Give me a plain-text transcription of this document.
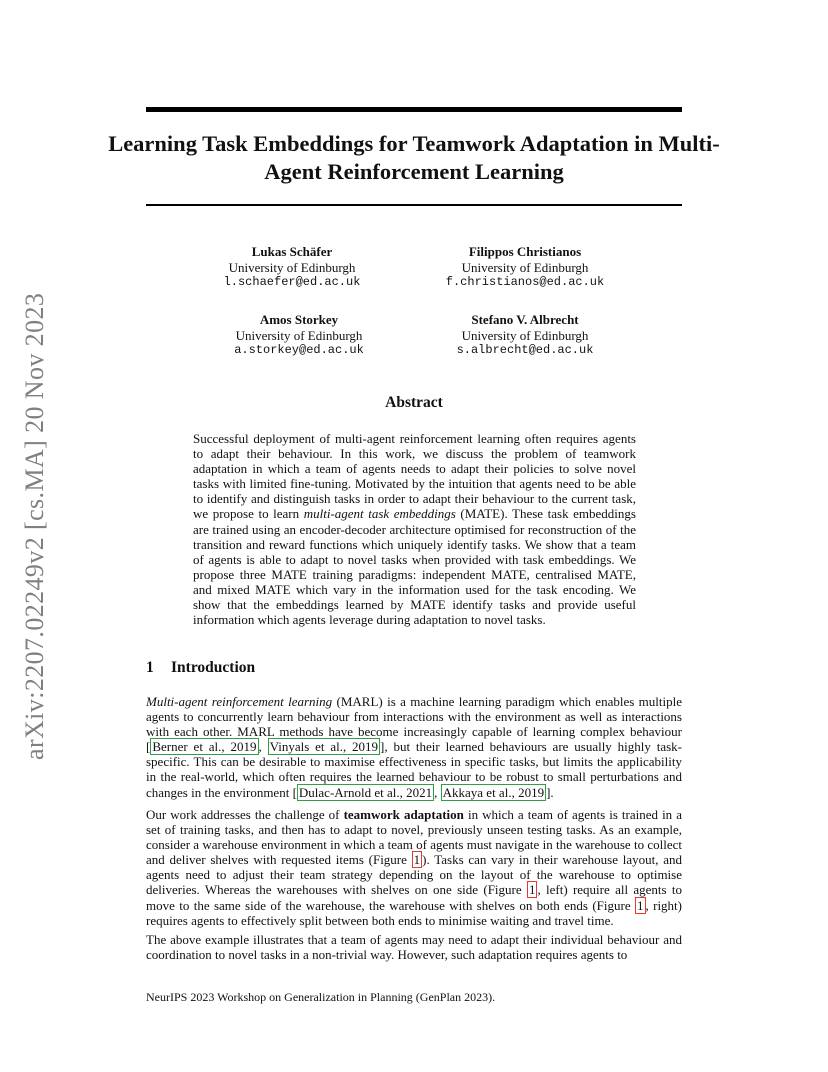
arXiv:2207.02249v2 [cs.MA] 20 Nov 2023
Learning Task Embeddings for Teamwork Adaptation in Multi-Agent Reinforcement Learning
Lukas Schäfer
University of Edinburgh
l.schaefer@ed.ac.uk
Filippos Christianos
University of Edinburgh
f.christianos@ed.ac.uk
Amos Storkey
University of Edinburgh
a.storkey@ed.ac.uk
Stefano V. Albrecht
University of Edinburgh
s.albrecht@ed.ac.uk
Abstract

Successful deployment of multi-agent reinforcement learning often requires agents to adapt their behaviour. In this work, we discuss the problem of teamwork adaptation in which a team of agents needs to adapt their policies to solve novel tasks with limited fine-tuning. Motivated by the intuition that agents need to be able to identify and distinguish tasks in order to adapt their behaviour to the current task, we propose to learn multi-agent task embeddings (MATE). These task embeddings are trained using an encoder-decoder architecture optimised for reconstruction of the transition and reward functions which uniquely identify tasks. We show that a team of agents is able to adapt to novel tasks when provided with task embeddings. We propose three MATE training paradigms: independent MATE, centralised MATE, and mixed MATE which vary in the information used for the task encoding. We show that the embeddings learned by MATE identify tasks and provide useful information which agents leverage during adaptation to novel tasks.

1 Introduction

Multi-agent reinforcement learning (MARL) is a machine learning paradigm which enables multiple agents to concurrently learn behaviour from interactions with the environment as well as interactions with each other. MARL methods have become increasingly capable of learning complex behaviour [ Berner et al., 2019 , Vinyals et al., 2019 ], but their learned behaviours are usually highly task-specific. This can be desirable to maximise effectiveness in specific tasks, but limits the applicability in the real-world, which often requires the learned behaviour to be robust to small perturbations and changes in the environment [ Dulac-Arnold et al., 2021 , Akkaya et al., 2019 ].

Our work addresses the challenge of teamwork adaptation in which a team of agents is trained in a set of training tasks, and then has to adapt to novel, previously unseen testing tasks. As an example, consider a warehouse environment in which a team of agents must navigate in the warehouse to collect and deliver shelves with requested items (Figure 1 ). Tasks can vary in their warehouse layout, and agents need to adjust their team strategy depending on the layout of the warehouse to optimise deliveries. Whereas the warehouses with shelves on one side (Figure 1 , left) require all agents to move to the same side of the warehouse, the warehouse with shelves on both ends (Figure 1 , right) requires agents to effectively split between both ends to minimise waiting and travel time.

The above example illustrates that a team of agents may need to adapt their individual behaviour and coordination to novel tasks in a non-trivial way. However, such adaptation requires agents to

NeurIPS 2023 Workshop on Generalization in Planning (GenPlan 2023).
